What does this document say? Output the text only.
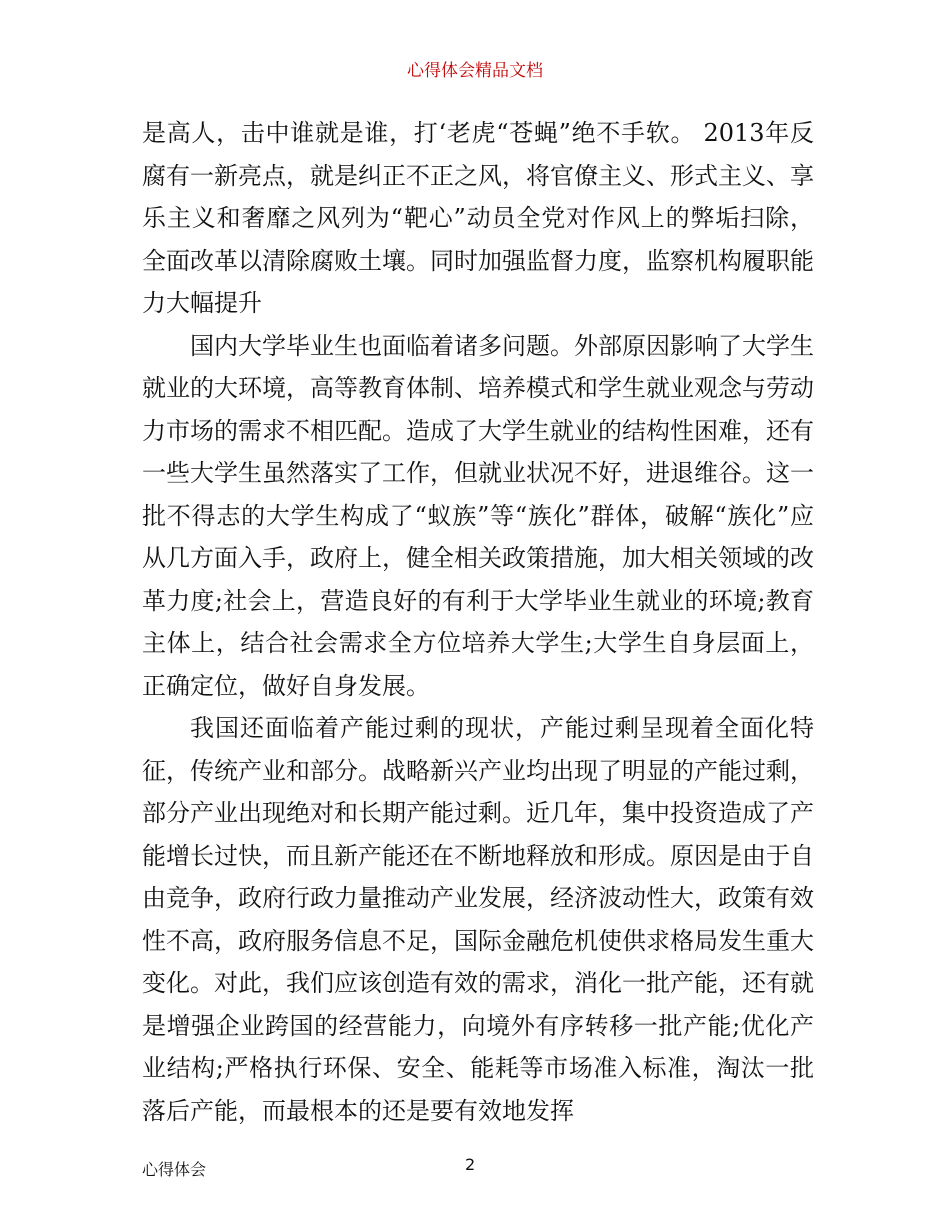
心得体会精品文档

是高人，击中谁就是谁，打‘老虎“苍蝇”绝不手软。 2013年反腐有一新亮点，就是纠正不正之风，将官僚主义、形式主义、享乐主义和奢靡之风列为“靶心”动员全党对作风上的弊垢扫除，全面改革以清除腐败土壤。同时加强监督力度，监察机构履职能力大幅提升

国内大学毕业生也面临着诸多问题。外部原因影响了大学生就业的大环境，高等教育体制、培养模式和学生就业观念与劳动力市场的需求不相匹配。造成了大学生就业的结构性困难，还有一些大学生虽然落实了工作，但就业状况不好，进退维谷。这一批不得志的大学生构成了“蚁族”等“族化”群体，破解“族化”应从几方面入手，政府上，健全相关政策措施，加大相关领域的改革力度;社会上，营造良好的有利于大学毕业生就业的环境;教育主体上，结合社会需求全方位培养大学生;大学生自身层面上，正确定位，做好自身发展。

我国还面临着产能过剩的现状，产能过剩呈现着全面化特征，传统产业和部分。战略新兴产业均出现了明显的产能过剩，部分产业出现绝对和长期产能过剩。近几年，集中投资造成了产能增长过快，而且新产能还在不断地释放和形成。原因是由于自由竞争，政府行政力量推动产业发展，经济波动性大，政策有效性不高，政府服务信息不足，国际金融危机使供求格局发生重大变化。对此，我们应该创造有效的需求，消化一批产能，还有就是增强企业跨国的经营能力，向境外有序转移一批产能;优化产业结构;严格执行环保、安全、能耗等市场准入标准，淘汰一批落后产能，而最根本的还是要有效地发挥

心得体会	2
